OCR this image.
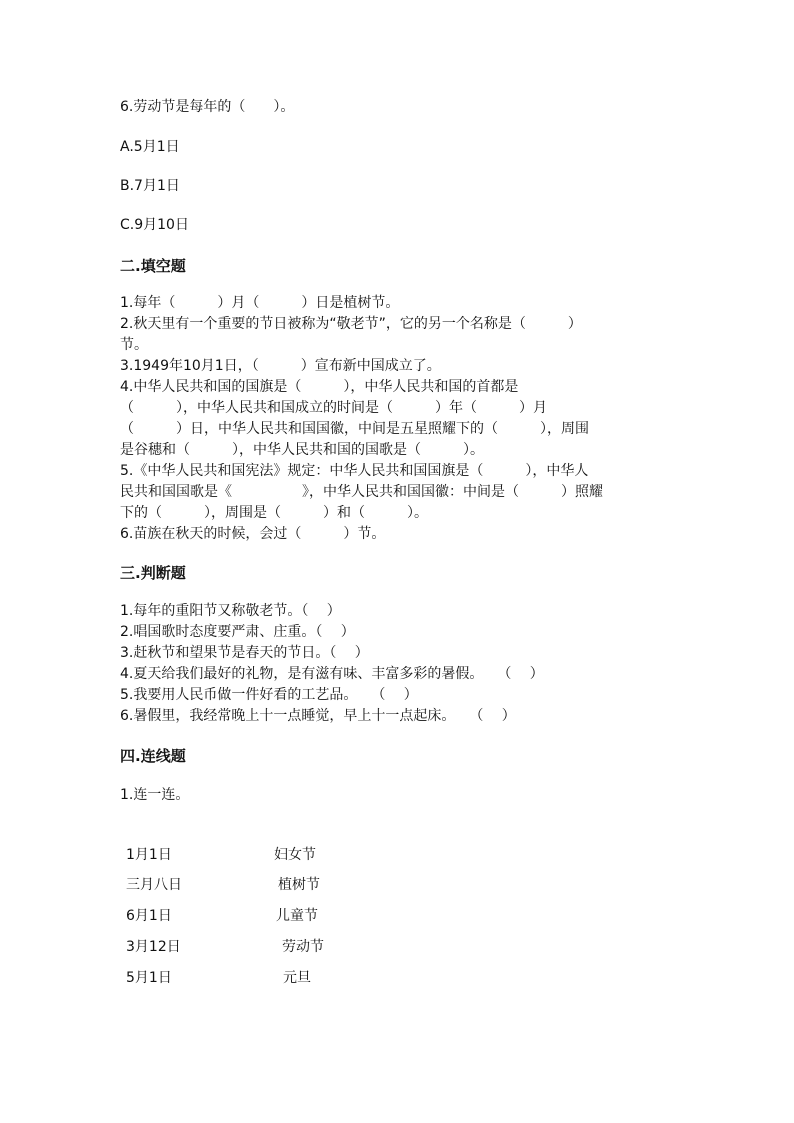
6.劳动节是每年的（　　）。
A.5月1日
B.7月1日
C.9月10日
二.填空题
1.每年（　　　）月（　　　）日是植树节。
2.秋天里有一个重要的节日被称为“敬老节”，它的另一个名称是（　　　）
节。
3.1949年10月1日，（　　　）宣布新中国成立了。
4.中华人民共和国的国旗是（　　　），中华人民共和国的首都是
（　　　），中华人民共和国成立的时间是（　　　）年（　　　）月
（　　　）日，中华人民共和国国徽，中间是五星照耀下的（　　　），周围
是谷穗和（　　　），中华人民共和国的国歌是（　　　）。
5.《中华人民共和国宪法》规定：中华人民共和国国旗是（　　　），中华人
民共和国国歌是《　　　　　》，中华人民共和国国徽：中间是（　　　）照耀
下的（　　　），周围是（　　　）和（　　　）。
6.苗族在秋天的时候，会过（　　　）节。
三.判断题
1.每年的重阳节又称敬老节。（　 ）
2.唱国歌时态度要严肃、庄重。（　 ）
3.赶秋节和望果节是春天的节日。（　 ）
4.夏天给我们最好的礼物，是有滋有味、丰富多彩的暑假。　　（　 ）
5.我要用人民币做一件好看的工艺品。　　（　 ）
6.暑假里，我经常晚上十一点睡觉，早上十一点起床。　　（　 ）
四.连线题
1.连一连。
1月1日
三月八日
6月1日
3月12日
5月1日
妇女节
植树节
儿童节
劳动节
元旦
